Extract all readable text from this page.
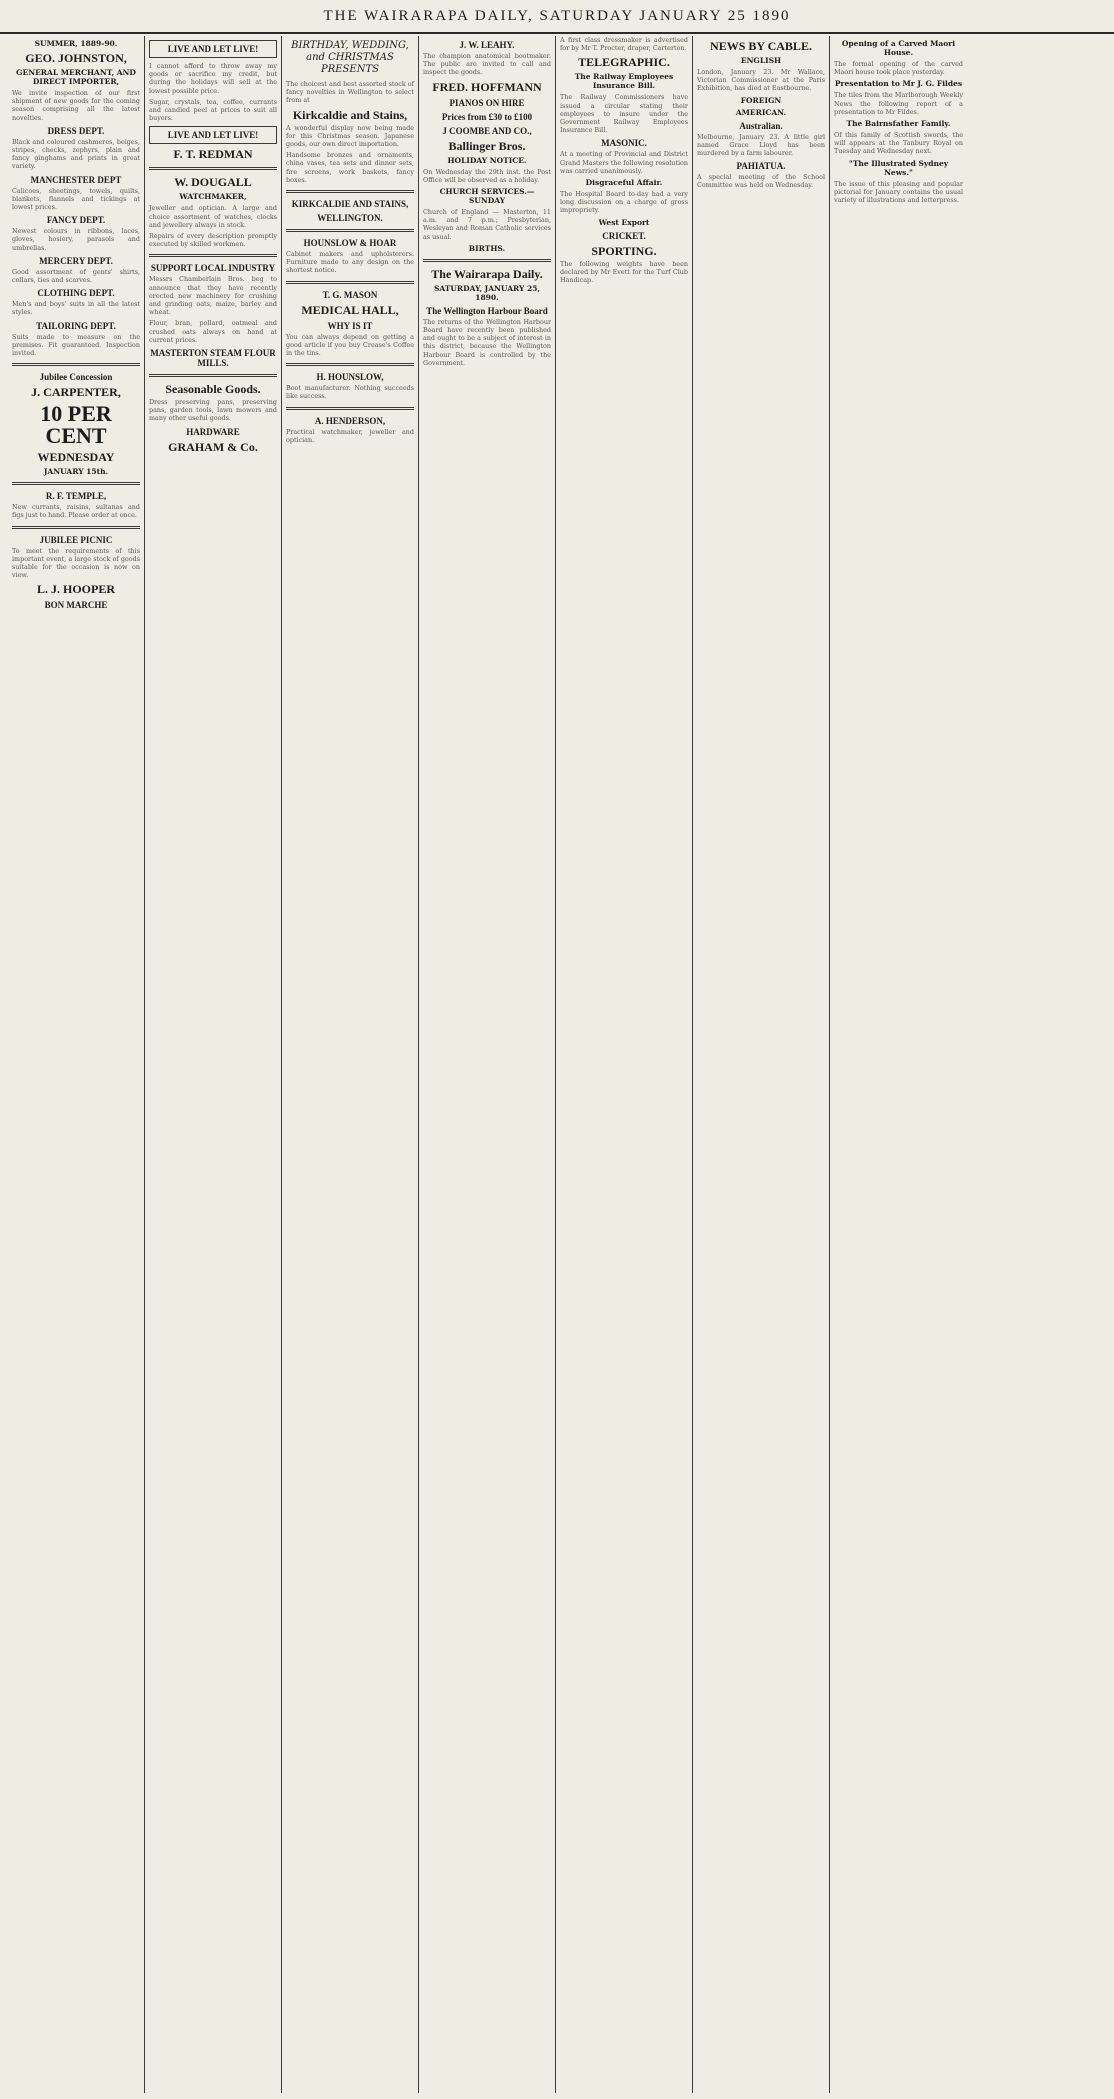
THE WAIRARAPA DAILY, SATURDAY JANUARY 25 1890
SUMMER, 1889-90.
GEO. JOHNSTON,
GENERAL MERCHANT, AND DIRECT IMPORTER,

We invite inspection of our first shipment of new goods for the coming season comprising all the latest novelties.

DRESS DEPT.

Black and coloured cashmeres, beiges, stripes, checks, zephyrs, plain and fancy ginghams and prints in great variety.

MANCHESTER DEPT

Calicoes, sheetings, towels, quilts, blankets, flannels and tickings at lowest prices.

FANCY DEPT.

Newest colours in ribbons, laces, gloves, hosiery, parasols and umbrellas.

MERCERY DEPT.

Good assortment of gents' shirts, collars, ties and scarves.

CLOTHING DEPT.

Men's and boys' suits in all the latest styles.

TAILORING DEPT.

Suits made to measure on the premises. Fit guaranteed. Inspection invited.

Jubilee Concession
J. CARPENTER,
10 PER CENT
WEDNESDAY
JANUARY 15th.
R. F. TEMPLE,

New currants, raisins, sultanas and figs just to hand. Please order at once.

JUBILEE PICNIC

To meet the requirements of this important event, a large stock of goods suitable for the occasion is now on view.

L. J. HOOPER
BON MARCHE
LIVE AND LET LIVE!

I cannot afford to throw away my goods or sacrifice my credit, but during the holidays will sell at the lowest possible price.

Sugar, crystals, tea, coffee, currants and candied peel at prices to suit all buyers.

LIVE AND LET LIVE!
F. T. REDMAN
W. DOUGALL
WATCHMAKER,

Jeweller and optician. A large and choice assortment of watches, clocks and jewellery always in stock.

Repairs of every description promptly executed by skilled workmen.

SUPPORT LOCAL INDUSTRY

Messrs Chamberlain Bros. beg to announce that they have recently erected new machinery for crushing and grinding oats, maize, barley and wheat.

Flour, bran, pollard, oatmeal and crushed oats always on hand at current prices.

MASTERTON STEAM FLOUR MILLS.
Seasonable Goods.

Dress preserving pans, preserving pans, garden tools, lawn mowers and many other useful goods.

HARDWARE
GRAHAM & Co.
BIRTHDAY, WEDDING, and CHRISTMAS PRESENTS

The choicest and best assorted stock of fancy novelties in Wellington to select from at

Kirkcaldie and Stains,

A wonderful display now being made for this Christmas season. Japanese goods, our own direct importation.

Handsome bronzes and ornaments, china vases, tea sets and dinner sets, fire screens, work baskets, fancy boxes.

KIRKCALDIE AND STAINS,
WELLINGTON.
HOUNSLOW & HOAR

Cabinet makers and upholsterers. Furniture made to any design on the shortest notice.

T. G. MASON
MEDICAL HALL,
WHY IS IT

You can always depend on getting a good article if you buy Crease's Coffee in the tins.

H. HOUNSLOW,

Boot manufacturer. Nothing succeeds like success.

A. HENDERSON,

Practical watchmaker, jeweller and optician.

J. W. LEAHY.

The champion anatomical bootmaker. The public are invited to call and inspect the goods.

FRED. HOFFMANN
PIANOS ON HIRE
Prices from £30 to £100
J COOMBE AND CO.,
Ballinger Bros.
HOLIDAY NOTICE.

On Wednesday the 29th inst. the Post Office will be observed as a holiday.

CHURCH SERVICES.—SUNDAY

Church of England — Masterton, 11 a.m. and 7 p.m.; Presbyterian, Wesleyan and Roman Catholic services as usual.

BIRTHS.
The Wairarapa Daily.
SATURDAY, JANUARY 25, 1890.
The Wellington Harbour Board

The returns of the Wellington Harbour Board have recently been published and ought to be a subject of interest in this district, because the Wellington Harbour Board is controlled by the Government.

A first class dressmaker is advertised for by Mr T. Procter, draper, Carterton.

TELEGRAPHIC.
The Railway Employees Insurance Bill.

The Railway Commissioners have issued a circular stating their employees to insure under the Government Railway Employees Insurance Bill.

MASONIC.

At a meeting of Provincial and District Grand Masters the following resolution was carried unanimously.

Disgraceful Affair.

The Hospital Board to-day had a very long discussion on a charge of gross impropriety.

West Export
CRICKET.
SPORTING.

The following weights have been declared by Mr Evett for the Turf Club Handicap.

NEWS BY CABLE.
ENGLISH

London, January 23. Mr Wallace, Victorian Commissioner at the Paris Exhibition, has died at Eastbourne.

FOREIGN
AMERICAN.
Australian.

Melbourne, January 23. A little girl named Grace Lloyd has been murdered by a farm labourer.

PAHIATUA.

A special meeting of the School Committee was held on Wednesday.

Opening of a Carved Maori House.

The formal opening of the carved Maori house took place yesterday.

Presentation to Mr J. G. Fildes

The tiles from the Marlborough Weekly News the following report of a presentation to Mr Fildes.

The Bairnsfather Family.

Of this family of Scottish swords, the will appears at the Tanbury Royal on Tuesday and Wednesday next.

"The Illustrated Sydney News."

The issue of this pleasing and popular pictorial for January contains the usual variety of illustrations and letterpress.
